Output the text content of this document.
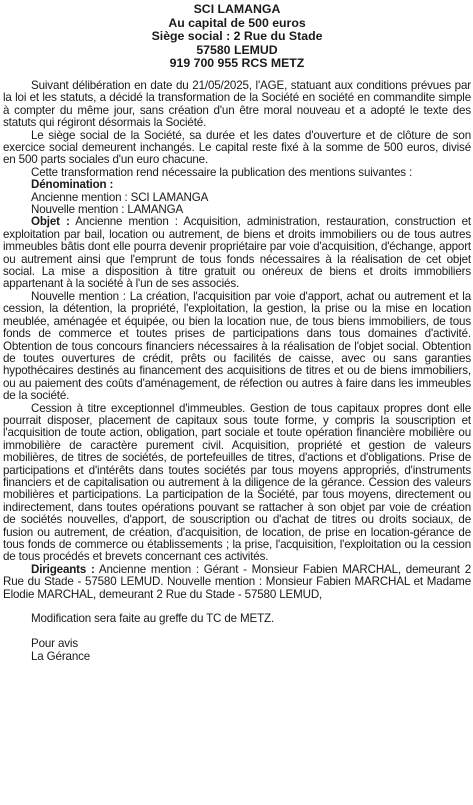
SCI LAMANGA
Au capital de 500 euros
Siège social : 2 Rue du Stade
57580 LEMUD
919 700 955 RCS METZ

Suivant délibération en date du 21/05/2025, l'AGE, statuant aux conditions prévues par la loi et les statuts, a décidé la transformation de la Société en société en commandite simple à compter du même jour, sans création d'un être moral nouveau et a adopté le texte des statuts qui régiront désormais la Société.

Le siège social de la Société, sa durée et les dates d'ouverture et de clôture de son exercice social demeurent inchangés. Le capital reste fixé à la somme de 500 euros, divisé en 500 parts sociales d'un euro chacune.

Cette transformation rend nécessaire la publication des mentions suivantes :

Dénomination :

Ancienne mention : SCI LAMANGA

Nouvelle mention : LAMANGA

Objet : Ancienne mention : Acquisition, administration, restauration, construction et exploitation par bail, location ou autrement, de biens et droits immobiliers ou de tous autres immeubles bâtis dont elle pourra devenir propriétaire par voie d'acquisition, d'échange, apport ou autrement ainsi que l'emprunt de tous fonds nécessaires à la réalisation de cet objet social. La mise a disposition à titre gratuit ou onéreux de biens et droits immobiliers appartenant à la société à l'un de ses associés.

Nouvelle mention : La création, l'acquisition par voie d'apport, achat ou autrement et la cession, la détention, la propriété, l'exploitation, la gestion, la prise ou la mise en location meublée, aménagée et équipée, ou bien la location nue, de tous biens immobiliers, de tous fonds de commerce et toutes prises de participations dans tous domaines d'activité. Obtention de tous concours financiers nécessaires à la réalisation de l'objet social. Obtention de toutes ouvertures de crédit, prêts ou facilités de caisse, avec ou sans garanties hypothécaires destinés au financement des acquisitions de titres et ou de biens immobiliers, ou au paiement des coûts d'aménagement, de réfection ou autres à faire dans les immeubles de la société.

Cession à titre exceptionnel d'immeubles. Gestion de tous capitaux propres dont elle pourrait disposer, placement de capitaux sous toute forme, y compris la souscription et l'acquisition de toute action, obligation, part sociale et toute opération financière mobilière ou immobilière de caractère purement civil. Acquisition, propriété et gestion de valeurs mobilières, de titres de sociétés, de portefeuilles de titres, d'actions et d'obligations. Prise de participations et d'intérêts dans toutes sociétés par tous moyens appropriés, d'instruments financiers et de capitalisation ou autrement à la diligence de la gérance. Cession des valeurs mobilières et participations. La participation de la Société, par tous moyens, directement ou indirectement, dans toutes opérations pouvant se rattacher à son objet par voie de création de sociétés nouvelles, d'apport, de souscription ou d'achat de titres ou droits sociaux, de fusion ou autrement, de création, d'acquisition, de location, de prise en location-gérance de tous fonds de commerce ou établissements ; la prise, l'acquisition, l'exploitation ou la cession de tous procédés et brevets concernant ces activités.

Dirigeants : Ancienne mention : Gérant - Monsieur Fabien MARCHAL, demeurant 2 Rue du Stade - 57580 LEMUD. Nouvelle mention : Monsieur Fabien MARCHAL et Madame Elodie MARCHAL, demeurant 2 Rue du Stade - 57580 LEMUD,

Modification sera faite au greffe du TC de METZ.

Pour avis

La Gérance
